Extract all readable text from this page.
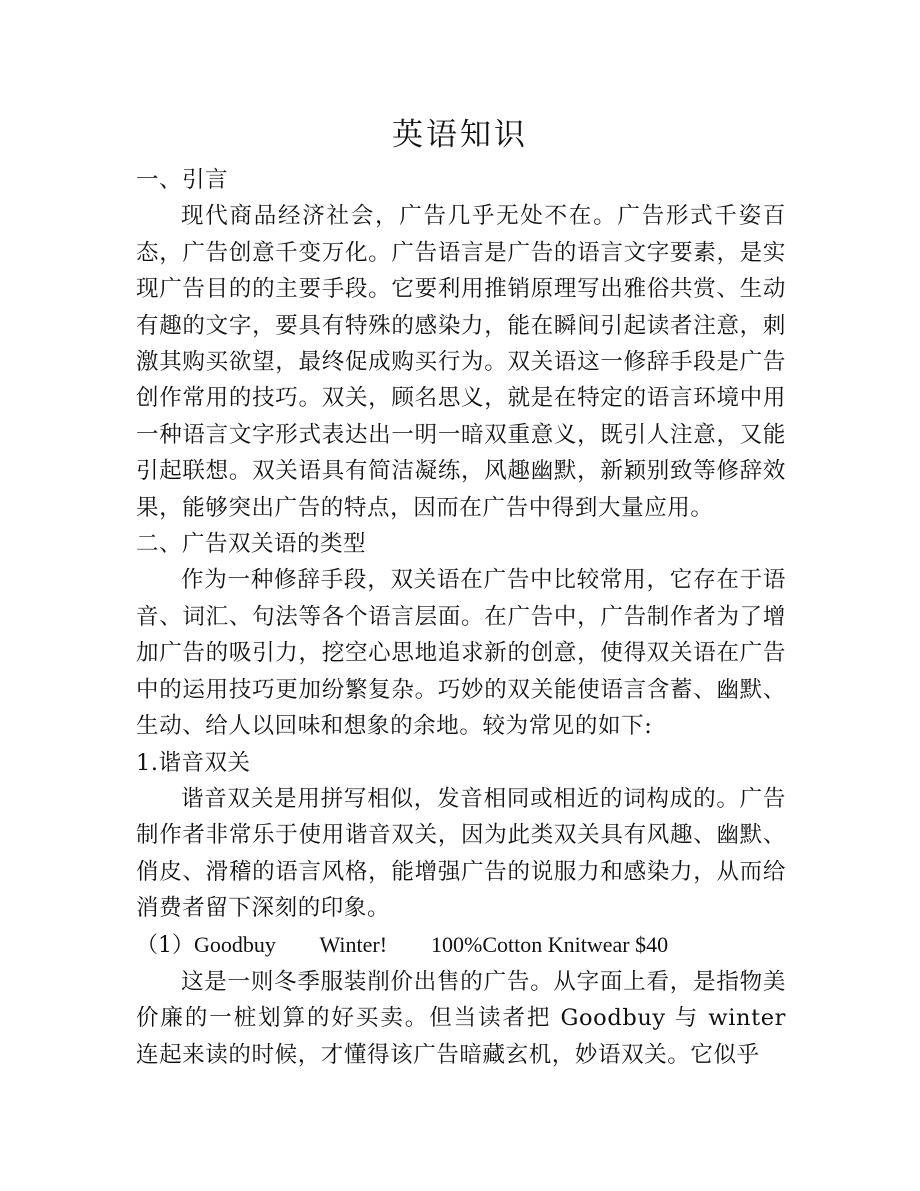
英语知识

一、引言

现代商品经济社会，广告几乎无处不在。广告形式千姿百态，广告创意千变万化。广告语言是广告的语言文字要素，是实现广告目的的主要手段。它要利用推销原理写出雅俗共赏、生动有趣的文字，要具有特殊的感染力，能在瞬间引起读者注意，刺激其购买欲望，最终促成购买行为。双关语这一修辞手段是广告创作常用的技巧。双关，顾名思义，就是在特定的语言环境中用一种语言文字形式表达出一明一暗双重意义，既引人注意，又能引起联想。双关语具有简洁凝练，风趣幽默，新颖别致等修辞效果，能够突出广告的特点，因而在广告中得到大量应用。

二、广告双关语的类型

作为一种修辞手段，双关语在广告中比较常用，它存在于语音、词汇、句法等各个语言层面。在广告中，广告制作者为了增加广告的吸引力，挖空心思地追求新的创意，使得双关语在广告中的运用技巧更加纷繁复杂。巧妙的双关能使语言含蓄、幽默、生动、给人以回味和想象的余地。较为常见的如下:

1.谐音双关

谐音双关是用拼写相似，发音相同或相近的词构成的。广告制作者非常乐于使用谐音双关，因为此类双关具有风趣、幽默、俏皮、滑稽的语言风格，能增强广告的说服力和感染力，从而给消费者留下深刻的印象。

（1）Goodbuy        Winter!        100%Cotton Knitwear $40

这是一则冬季服装削价出售的广告。从字面上看，是指物美价廉的一桩划算的好买卖。但当读者把 Goodbuy 与 winter 连起来读的时候，才懂得该广告暗藏玄机，妙语双关。它似乎
